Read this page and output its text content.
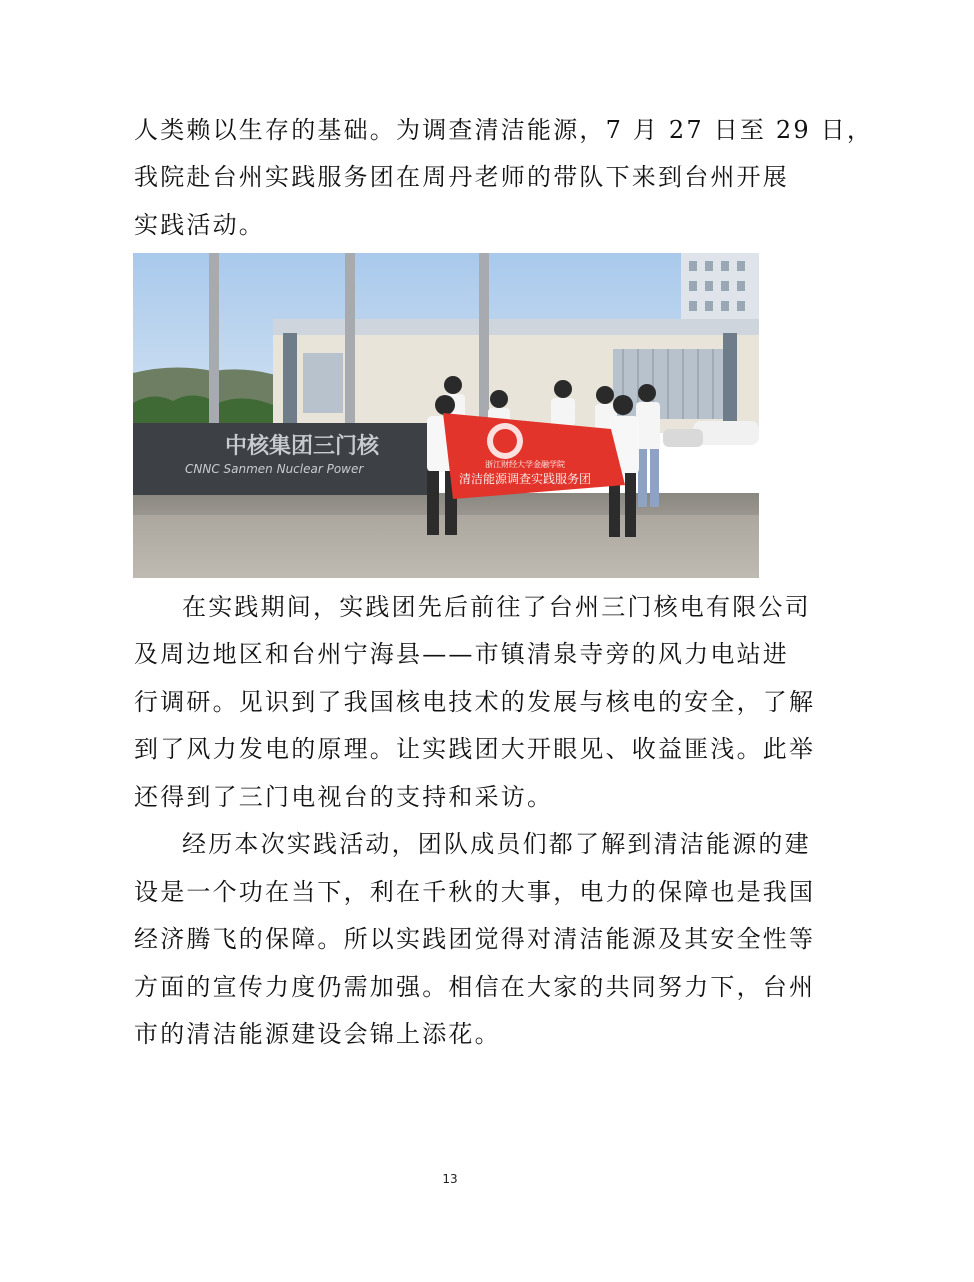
人类赖以生存的基础。为调查清洁能源，7 月 27 日至 29 日，
我院赴台州实践服务团在周丹老师的带队下来到台州开展
实践活动。
中核集团三门核
CNNC Sanmen Nuclear Power	浙江财经大学金融学院
清洁能源调查实践服务团
在实践期间，实践团先后前往了台州三门核电有限公司
及周边地区和台州宁海县——市镇清泉寺旁的风力电站进
行调研。见识到了我国核电技术的发展与核电的安全，了解
到了风力发电的原理。让实践团大开眼见、收益匪浅。此举
还得到了三门电视台的支持和采访。
经历本次实践活动，团队成员们都了解到清洁能源的建
设是一个功在当下，利在千秋的大事，电力的保障也是我国
经济腾飞的保障。所以实践团觉得对清洁能源及其安全性等
方面的宣传力度仍需加强。相信在大家的共同努力下，台州
市的清洁能源建设会锦上添花。
13
